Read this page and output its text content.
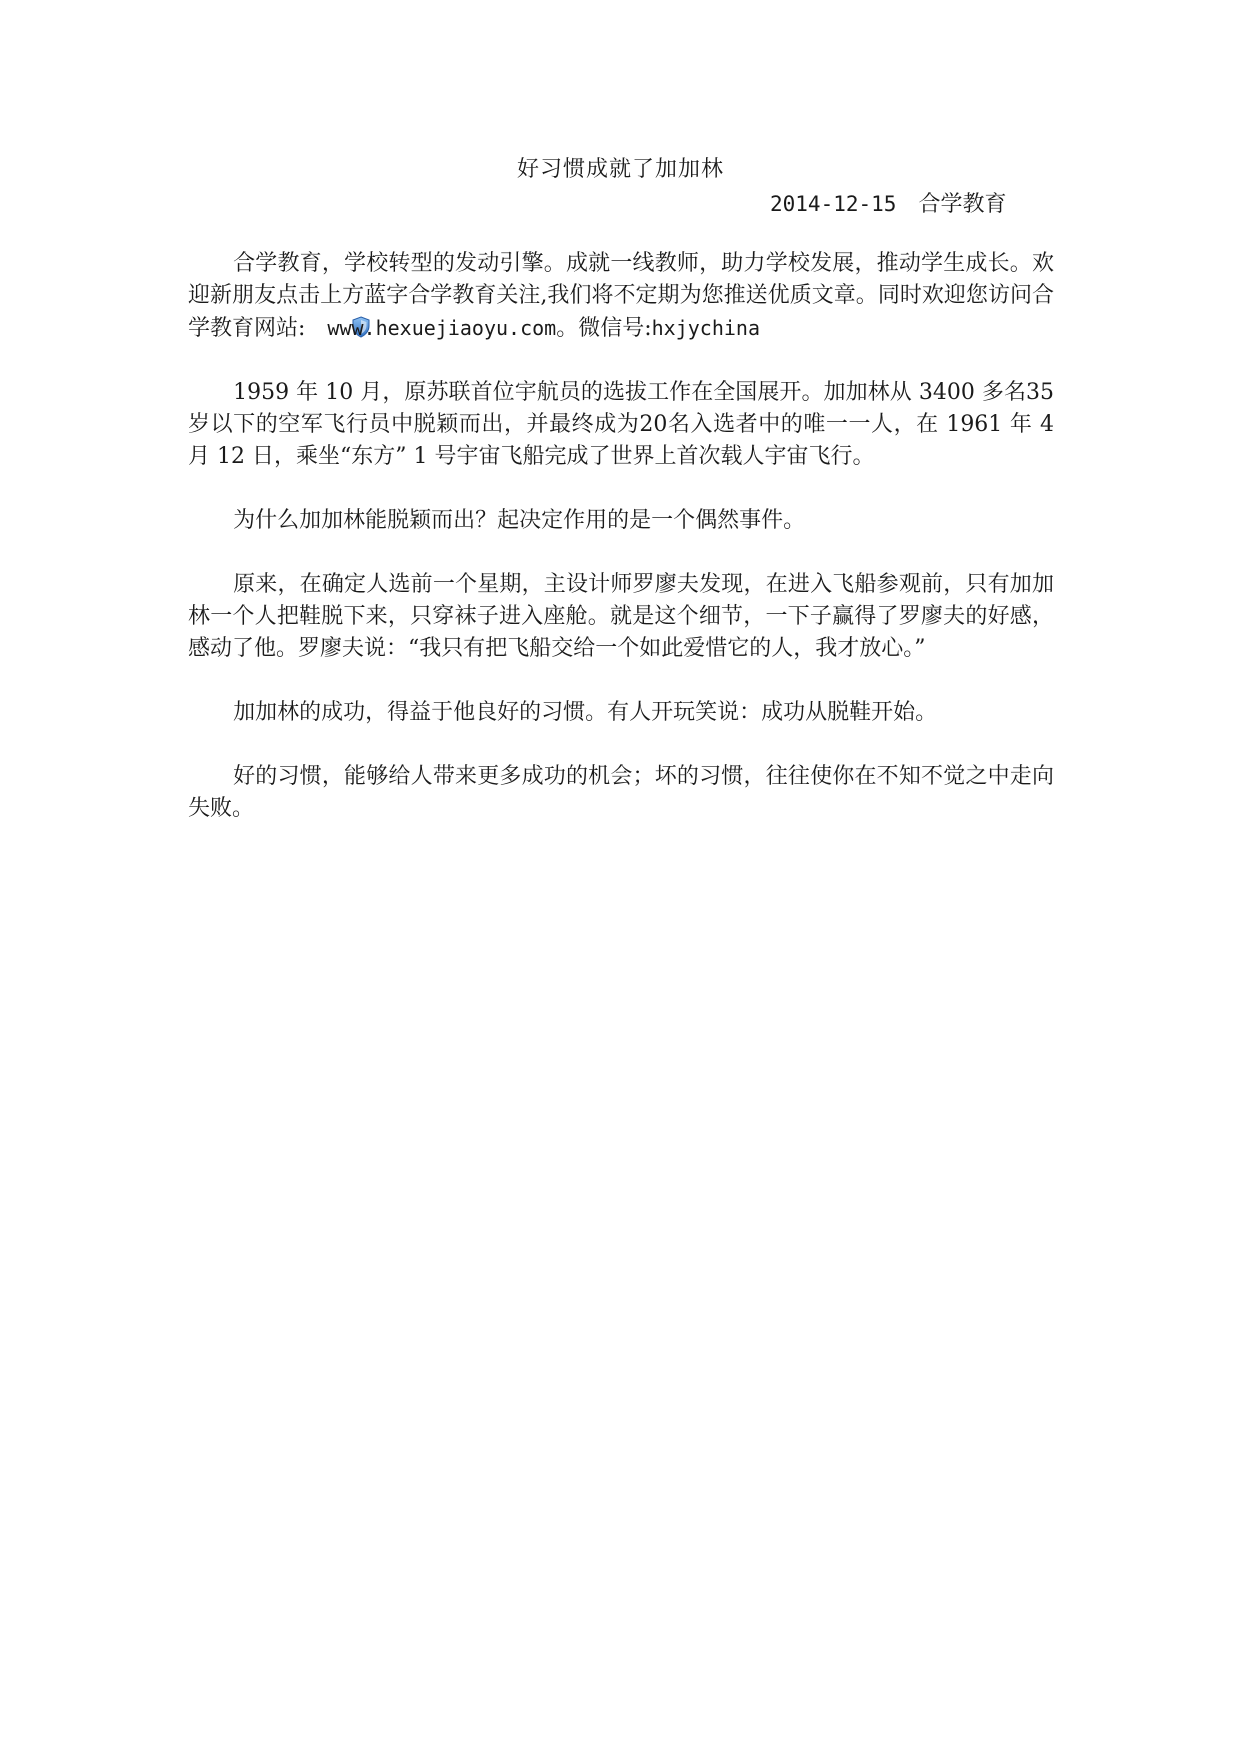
好习惯成就了加加林
2014-12-15 合学教育

合学教育，学校转型的发动引擎。成就一线教师，助力学校发展，推动学生成长。欢迎新朋友点击上方蓝字合学教育关注,我们将不定期为您推送优质文章。同时欢迎您访问合学教育网站: www.hexuejiaoyu.com。微信号:hxjychina

1959 年 10 月，原苏联首位宇航员的选拔工作在全国展开。加加林从 3400 多名35岁以下的空军飞行员中脱颖而出，并最终成为20名入选者中的唯一一人，在 1961 年 4 月 12 日，乘坐“东方” 1 号宇宙飞船完成了世界上首次载人宇宙飞行。

为什么加加林能脱颖而出？起决定作用的是一个偶然事件。

原来，在确定人选前一个星期，主设计师罗廖夫发现，在进入飞船参观前，只有加加林一个人把鞋脱下来，只穿袜子进入座舱。就是这个细节，一下子赢得了罗廖夫的好感，感动了他。罗廖夫说：“我只有把飞船交给一个如此爱惜它的人，我才放心。”

加加林的成功，得益于他良好的习惯。有人开玩笑说：成功从脱鞋开始。

好的习惯，能够给人带来更多成功的机会；坏的习惯，往往使你在不知不觉之中走向失败。
